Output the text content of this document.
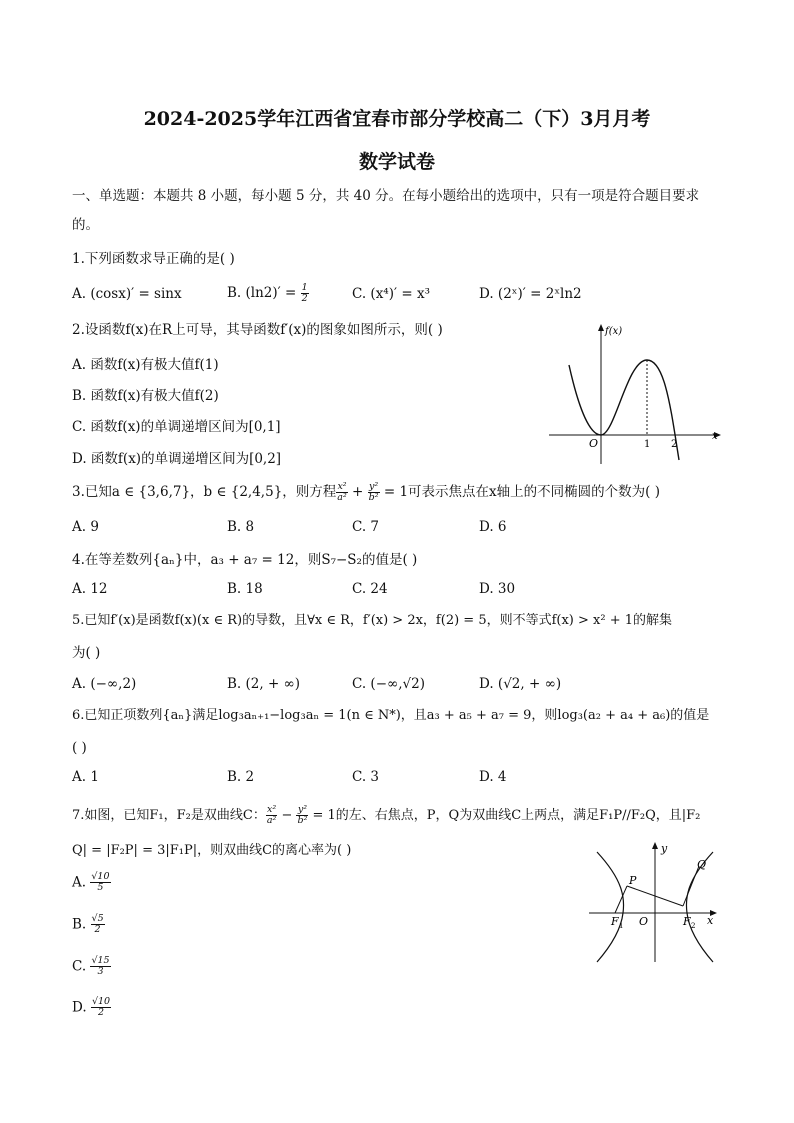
2024-2025学年江西省宜春市部分学校高二（下）3月月考
数学试卷
一、单选题：本题共 8 小题，每小题 5 分，共 40 分。在每小题给出的选项中，只有一项是符合题目要求
的。
1.下列函数求导正确的是( )
A. (cosx)′ = sinx	B. $(\ln 2)' = \frac{1}{2}$	C. (x⁴)′ = x³	D. (2ˣ)′ = 2ˣln2
2.设函数f(x)在R上可导，其导函数f′(x)的图象如图所示，则( )
A. 函数f(x)有极大值f(1)
B. 函数f(x)有极大值f(2)
C. 函数f(x)的单调递增区间为[0,1]
D. 函数f(x)的单调递增区间为[0,2]
f(x)
O	1 2
x
3.已知a ∈ {3,6,7}，b ∈ {2,4,5}，则方程 $\frac{\text{x²}}{\text{a²}} + \frac{\text{y²}}{\text{b²}} = 1$可表示焦点在x轴上的不同椭圆的个数为( )
A. 9	B. 8	C. 7	D. 6
4.在等差数列{aₙ}中，a₃ + a₇ = 12，则S₇−S₂的值是( )
A. 12	B. 18	C. 24	D. 30
5.已知f′(x)是函数f(x)(x ∈ R)的导数，且∀x ∈ R，f′(x) > 2x，f(2) = 5，则不等式f(x) > x² + 1的解集
为( )
A. (−∞,2)	B. (2, + ∞)	C. (−∞,√2)	D. (√2, + ∞)
6.已知正项数列{aₙ}满足log₃aₙ₊₁−log₃aₙ = 1(n ∈ N*)，且a₃ + a₅ + a₇ = 9，则log₃(a₂ + a₄ + a₆)的值是
( )
A. 1	B. 2	C. 3	D. 4
7.如图，已知F₁，F₂是双曲线C： $\frac{\text{x²}}{\text{a²}} - \frac{\text{y²}}{\text{b²}} = 1$的左、右焦点，P，Q为双曲线C上两点，满足F₁P//F₂Q，且|F₂
Q| = |F₂P| = 3|F₁P|，则双曲线C的离心率为( )
A. $\frac{√10}{5}$
B. $\frac{√5}{2}$
C. $\frac{√15}{3}$
D. $\frac{√10}{2}$
y
x
P
Q
O
F 1	F 2
